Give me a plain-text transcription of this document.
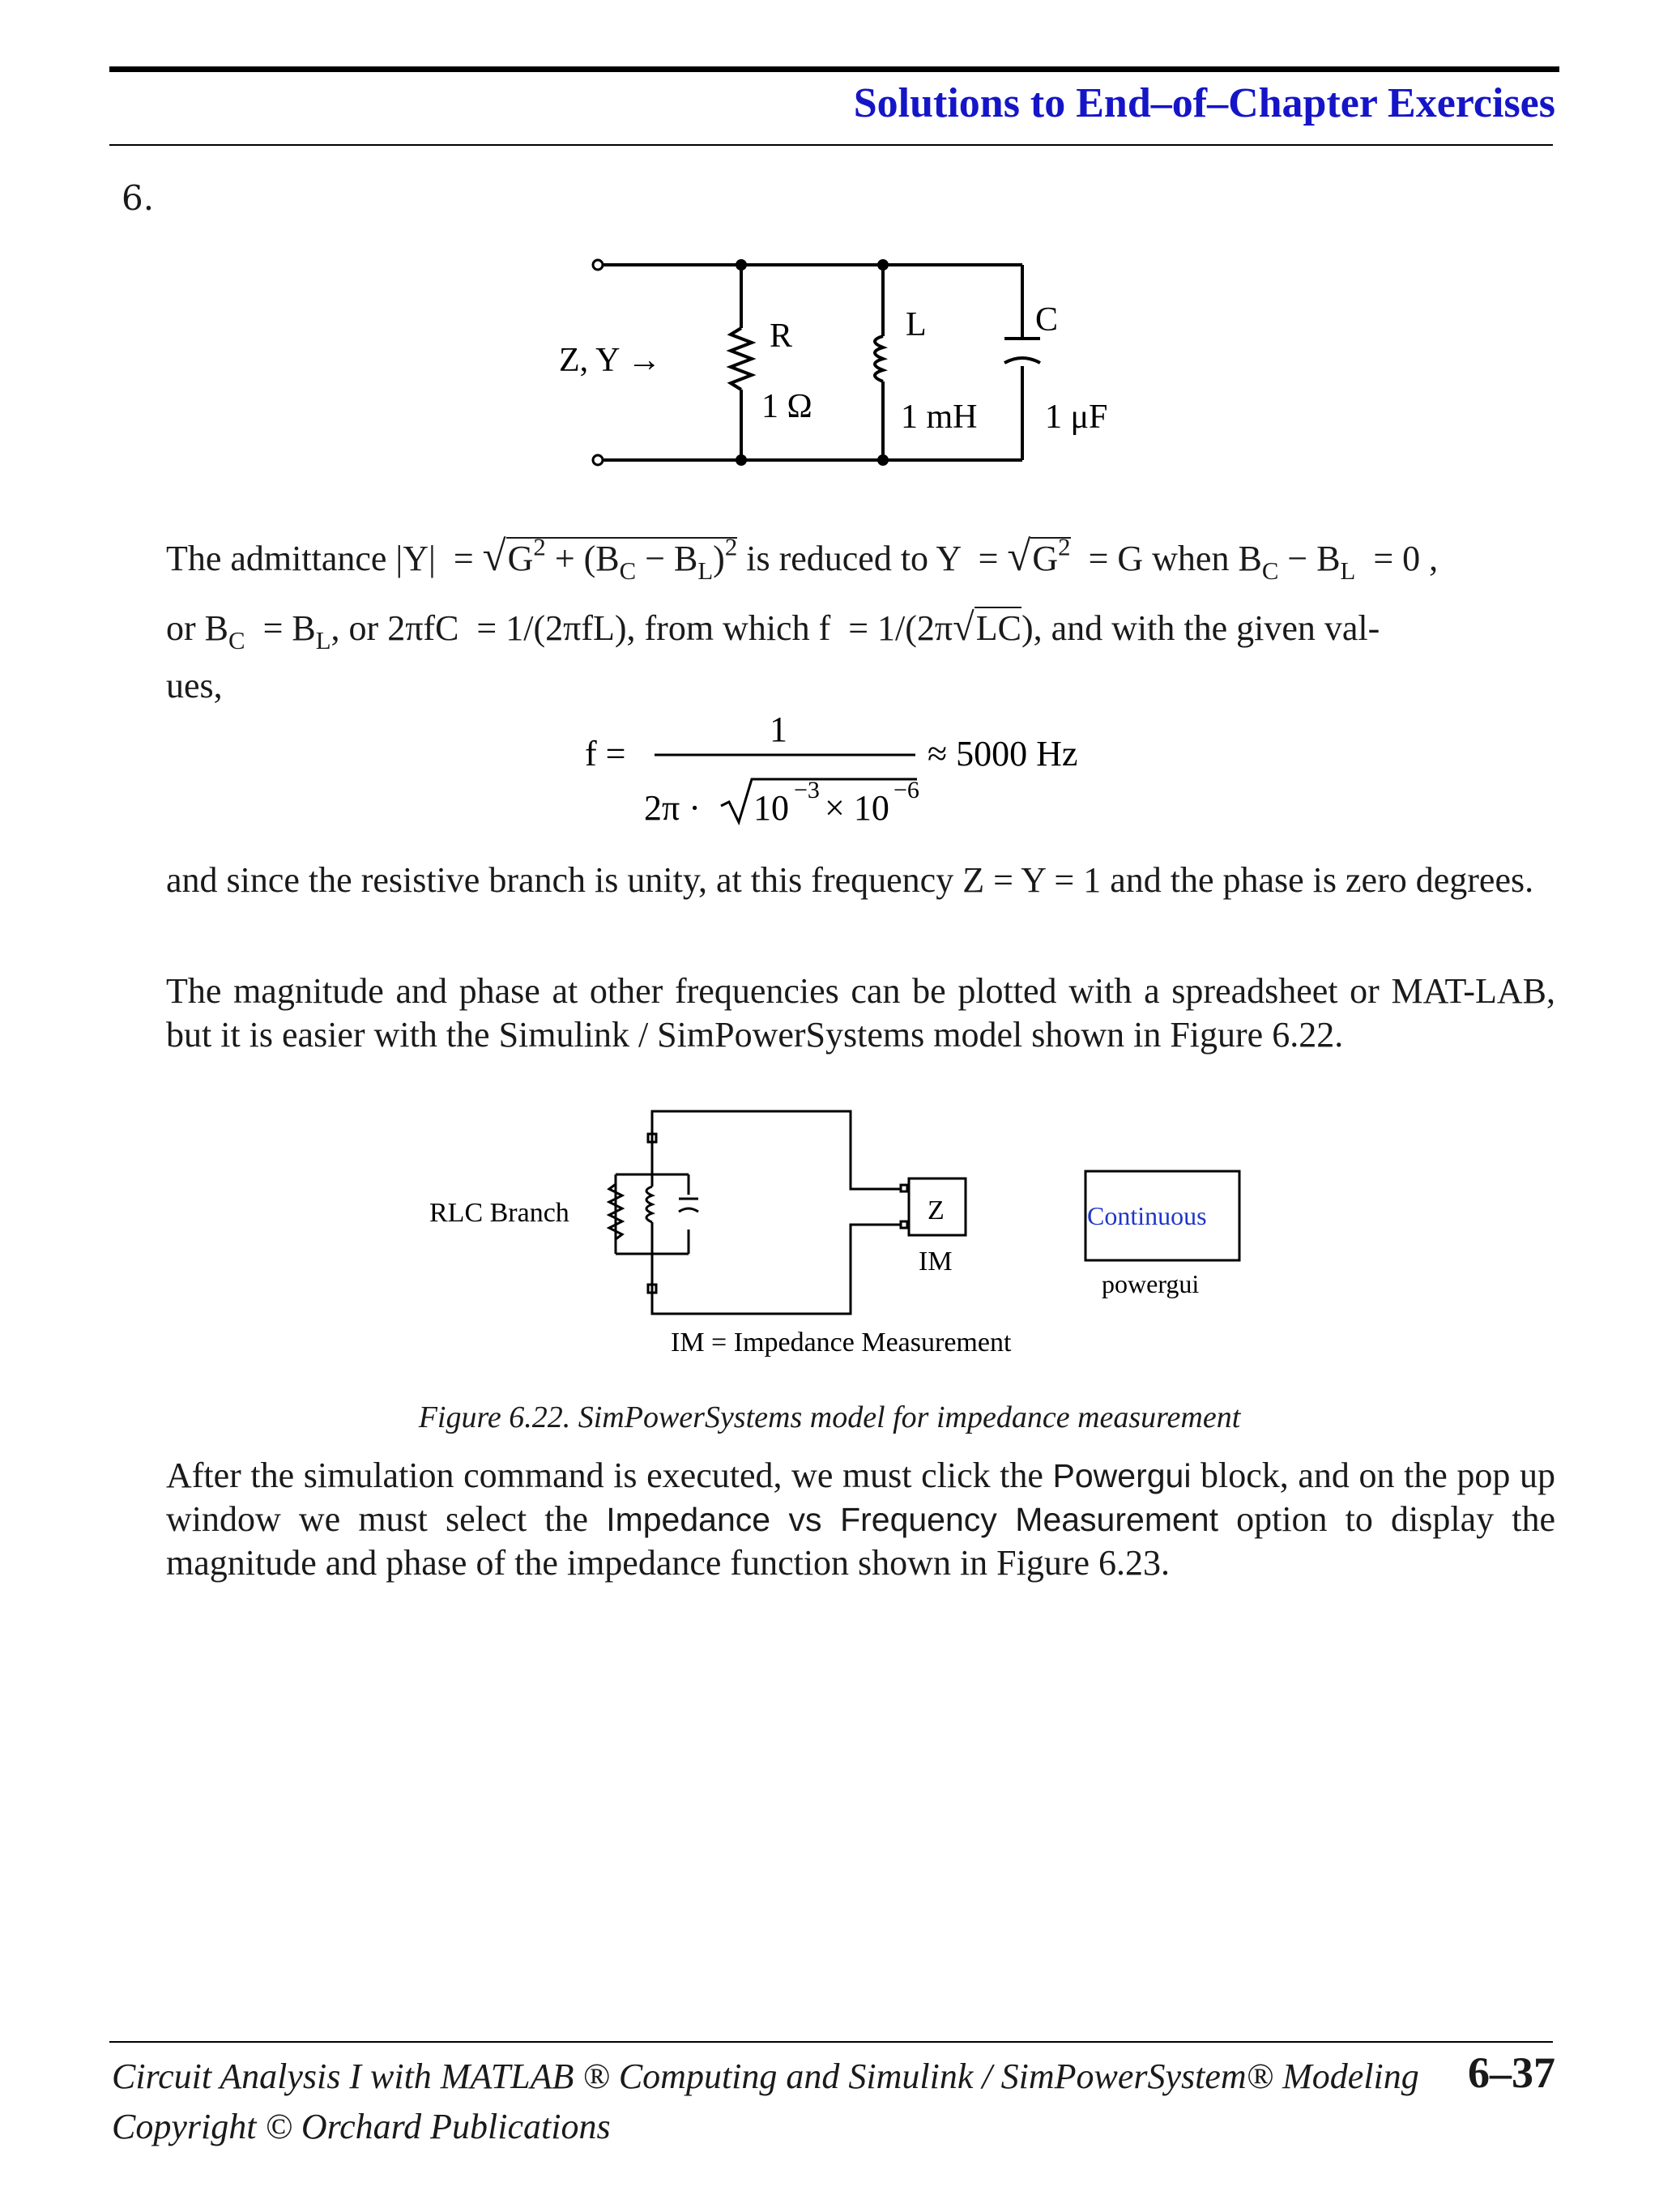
Solutions to End–of–Chapter Exercises
6.
Z, Y →
R
1 Ω
L
1 mH
C
1 μF
The admittance $|Y| = √G^2 + (B_C - B_L)^2$ is reduced to $Y = √G^2 = G$ when $B_C - B_L = 0$ ,
or $B_C = B_L$, or 2πfC  = 1/(2πfL), from which f  = 1/(2π√LC), and with the given val-
ues,
f =
1
2π · 10 −3 × 10 −6
≈ 5000 Hz
and since the resistive branch is unity, at this frequency Z = Y = 1 and the phase is zero degrees.
The magnitude and phase at other frequencies can be plotted with a spreadsheet or MAT-LAB, but it is easier with the Simulink / SimPowerSystems model shown in Figure 6.22.
RLC Branch	Z
IM
Continuous
powergui
IM = Impedance Measurement
Figure 6.22. SimPowerSystems model for impedance measurement
After the simulation command is executed, we must click the Powergui block, and on the pop up window we must select the Impedance vs Frequency Measurement option to display the magnitude and phase of the impedance function shown in Figure 6.23.
Circuit Analysis I with MATLAB ® Computing and Simulink / SimPowerSystem® Modeling
Copyright © Orchard Publications
6–37
